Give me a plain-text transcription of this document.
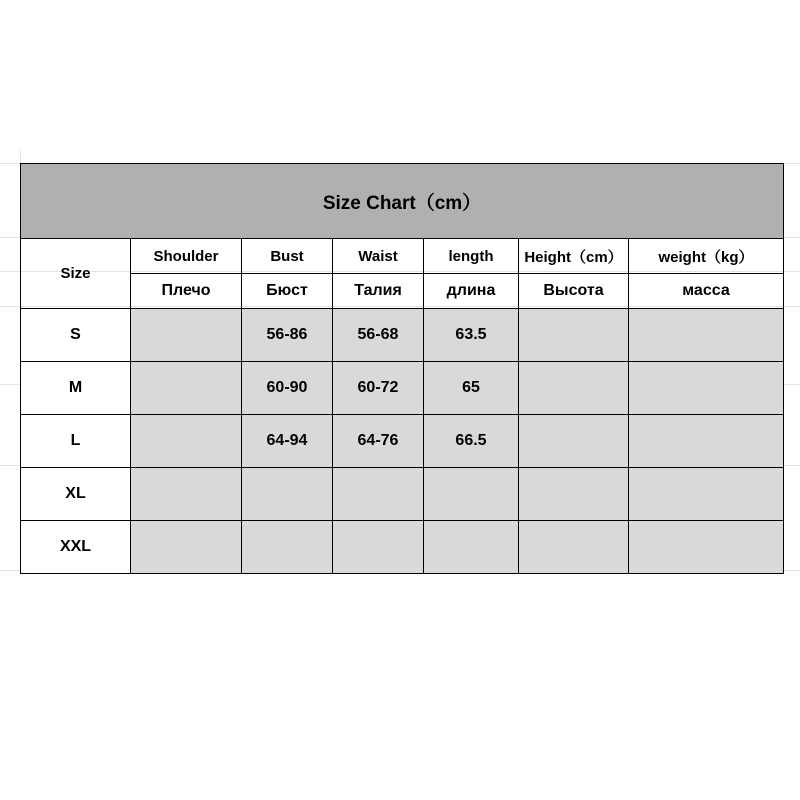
Size Chart（cm）						
Size	Shoulder	Bust	Waist	length	Height（cm）	weight（kg）
	Плечо	Бюст	Талия	длина	Высота	масса
S		56-86	56-68	63.5		
M		60-90	60-72	65		
L		64-94	64-76	66.5		
XL						
XXL						
